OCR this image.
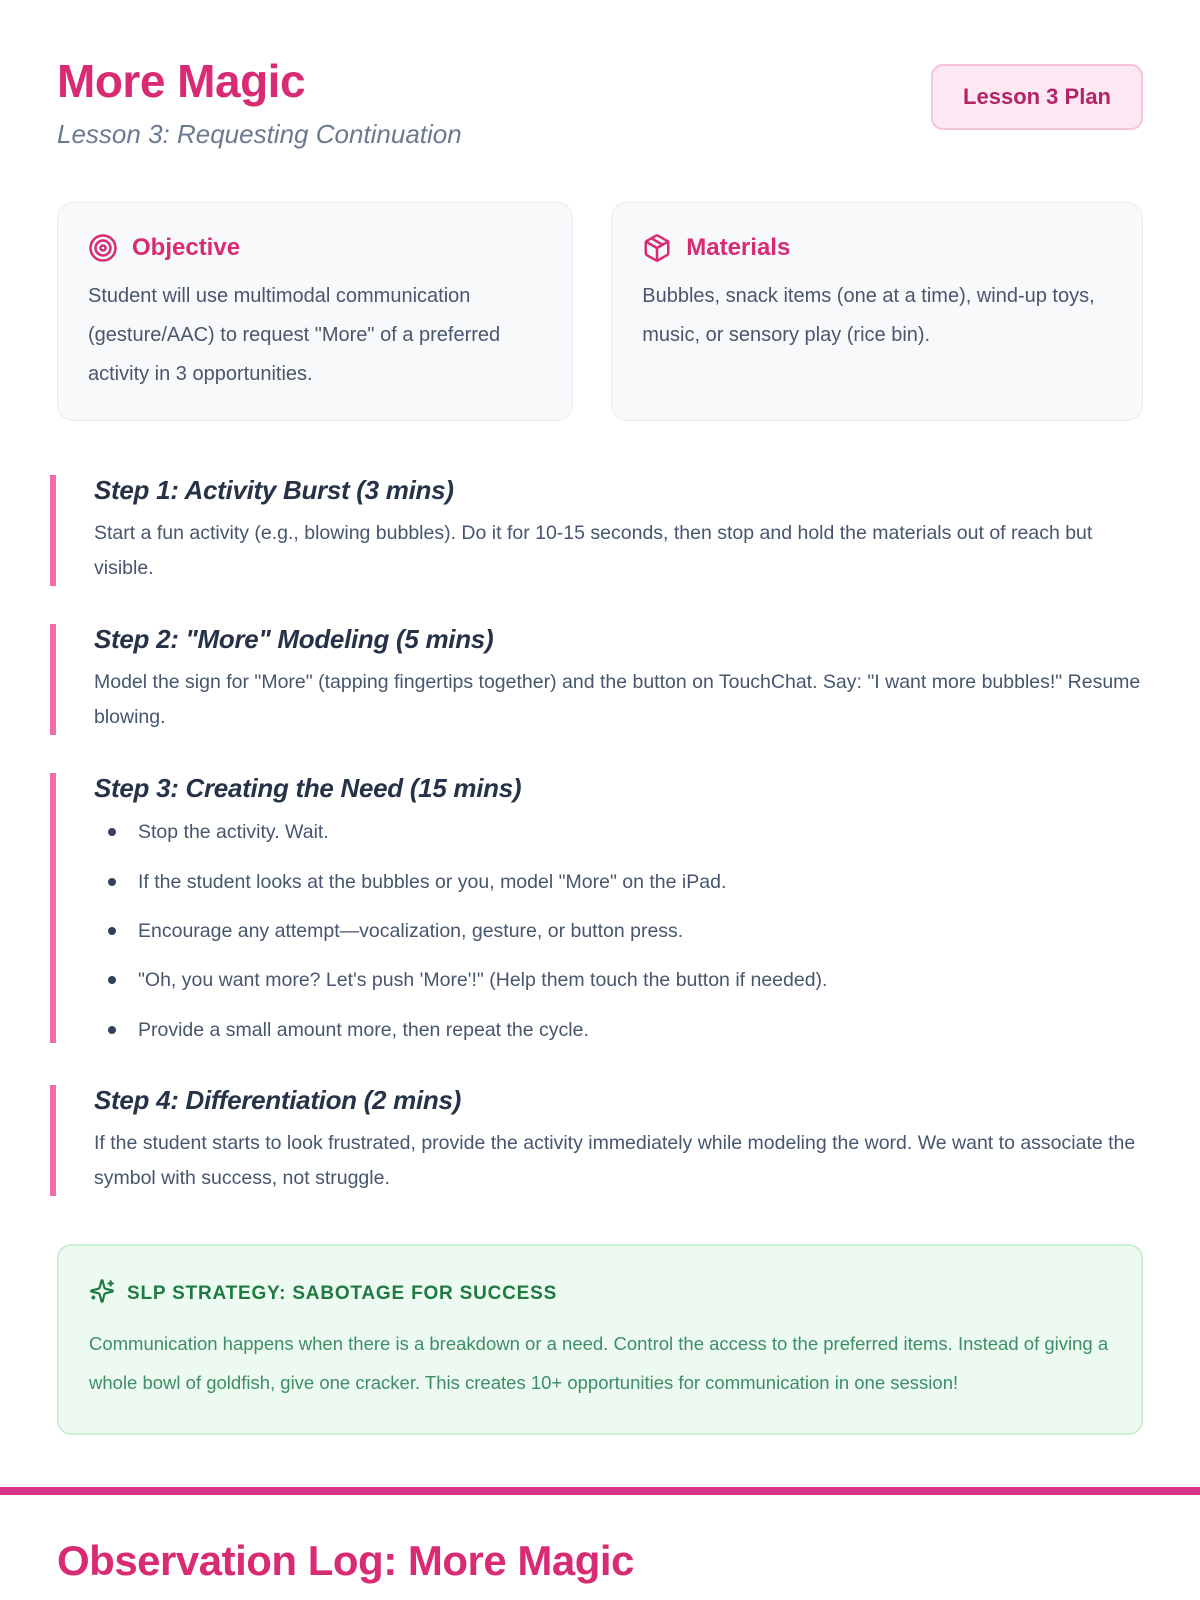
More Magic
Lesson 3: Requesting Continuation
Lesson 3 Plan
Objective
Student will use multimodal communication (gesture/AAC) to request "More" of a preferred activity in 3 opportunities.
Materials
Bubbles, snack items (one at a time), wind-up toys, music, or sensory play (rice bin).
Step 1: Activity Burst (3 mins)
Start a fun activity (e.g., blowing bubbles). Do it for 10-15 seconds, then stop and hold the materials out of reach but visible.
Step 2: "More" Modeling (5 mins)
Model the sign for "More" (tapping fingertips together) and the button on TouchChat. Say: "I want more bubbles!" Resume blowing.
Step 3: Creating the Need (15 mins)
Stop the activity. Wait.
If the student looks at the bubbles or you, model "More" on the iPad.
Encourage any attempt—vocalization, gesture, or button press.
"Oh, you want more? Let's push 'More'!" (Help them touch the button if needed).
Provide a small amount more, then repeat the cycle.
Step 4: Differentiation (2 mins)
If the student starts to look frustrated, provide the activity immediately while modeling the word. We want to associate the symbol with success, not struggle.
SLP STRATEGY: SABOTAGE FOR SUCCESS
Communication happens when there is a breakdown or a need. Control the access to the preferred items. Instead of giving a whole bowl of goldfish, give one cracker. This creates 10+ opportunities for communication in one session!
Observation Log: More Magic
